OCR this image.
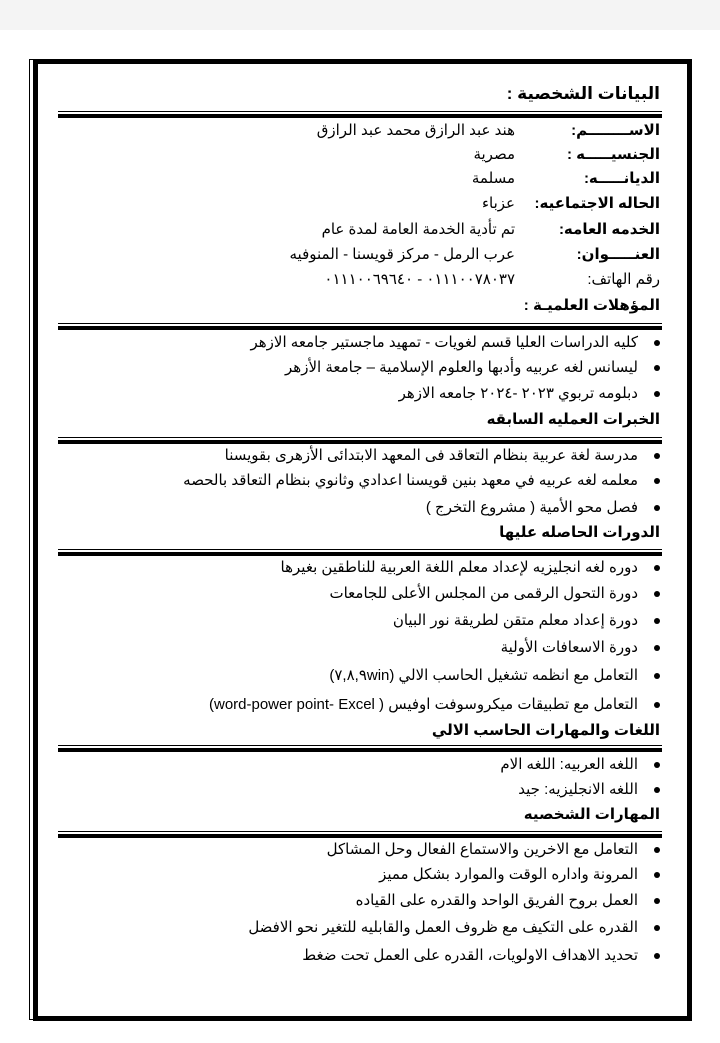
البيانات الشخصية :
الاســــــــم:
هند عبد الرازق محمد عبد الرازق
الجنسيـــــه :
مصرية
الديانـــــه:
مسلمة
الحاله الاجتماعيه:
عزباء
الخدمه العامه:
تم تأدية الخدمة العامة لمدة عام
العنـــــوان:
عرب الرمل - مركز قويسنا - المنوفيه
رقم الهاتف:
٠١١١٠٠٧٨٠٣٧ - ٠١١١٠٠٦٩٦٤٠
المؤهلات العلميـة :
كليه الدراسات العليا قسم لغويات - تمهيد ماجستير جامعه الازهر
ليسانس لغه عربيه وأدبها والعلوم الإسلامية – جامعة الأزهر
دبلومه تربوي ٢٠٢٣ -٢٠٢٤ جامعه الازهر
الخبرات العمليه السابقه
مدرسة لغة عربية بنظام التعاقد فى المعهد الابتدائى الأزهرى بقويسنا
معلمه لغه عربيه في معهد بنين قويسنا اعدادي وثانوي بنظام التعاقد بالحصه
فصل محو الأمية ( مشروع التخرج )
الدورات الحاصله عليها
دوره لغه انجليزيه لإعداد معلم اللغة العربية للناطقين بغيرها
دورة التحول الرقمى من المجلس الأعلى للجامعات
دورة إعداد معلم متقن لطريقة نور البيان
دورة الاسعافات الأولية
التعامل مع انظمه تشغيل الحاسب الالي (٧,٨,٩win)
التعامل مع تطبيقات ميكروسوفت اوفيس ( word-power point- Excel)
اللغات والمهارات الحاسب الالي
اللغه العربيه: اللغه الام
اللغه الانجليزيه: جيد
المهارات الشخصيه
التعامل مع الاخرين والاستماع الفعال وحل المشاكل
المرونة واداره الوقت والموارد بشكل مميز
العمل بروح الفريق الواحد والقدره على القياده
القدره على التكيف مع ظروف العمل والقابليه للتغير نحو الافضل
تحديد الاهداف الاولويات، القدره على العمل تحت ضغط
